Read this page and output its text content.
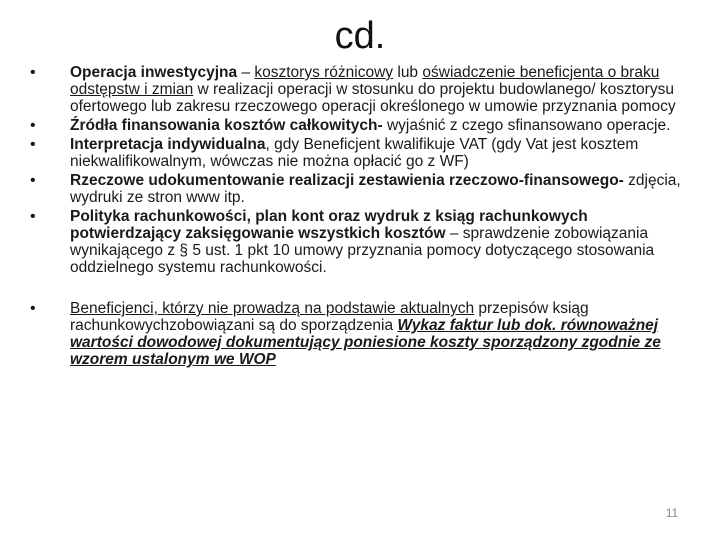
cd.
• Operacja inwestycyjna – kosztorys różnicowy lub oświadczenie beneficjenta o braku odstępstw i zmian w realizacji operacji w stosunku do projektu budowlanego/ kosztorysu ofertowego lub zakresu rzeczowego operacji określonego w umowie przyznania pomocy
• Źródła finansowania kosztów całkowitych- wyjaśnić z czego sfinansowano operacje.
• Interpretacja indywidualna, gdy Beneficjent kwalifikuje VAT (gdy Vat jest kosztem niekwalifikowalnym, wówczas nie można opłacić go z WF)
• Rzeczowe udokumentowanie realizacji zestawienia rzeczowo-finansowego- zdjęcia, wydruki ze stron www itp.
• Polityka rachunkowości, plan kont oraz wydruk z ksiąg rachunkowych potwierdzający zaksięgowanie wszystkich kosztów – sprawdzenie zobowiązania wynikającego z § 5 ust. 1 pkt 10 umowy przyznania pomocy dotyczącego stosowania oddzielnego systemu rachunkowości.
• Beneficjenci, którzy nie prowadzą na podstawie aktualnych przepisów ksiąg rachunkowychzobowiązani są do sporządzenia Wykaz faktur lub dok. równoważnej wartości dowodowej dokumentujący poniesione koszty sporządzony zgodnie ze wzorem ustalonym we WOP
11
